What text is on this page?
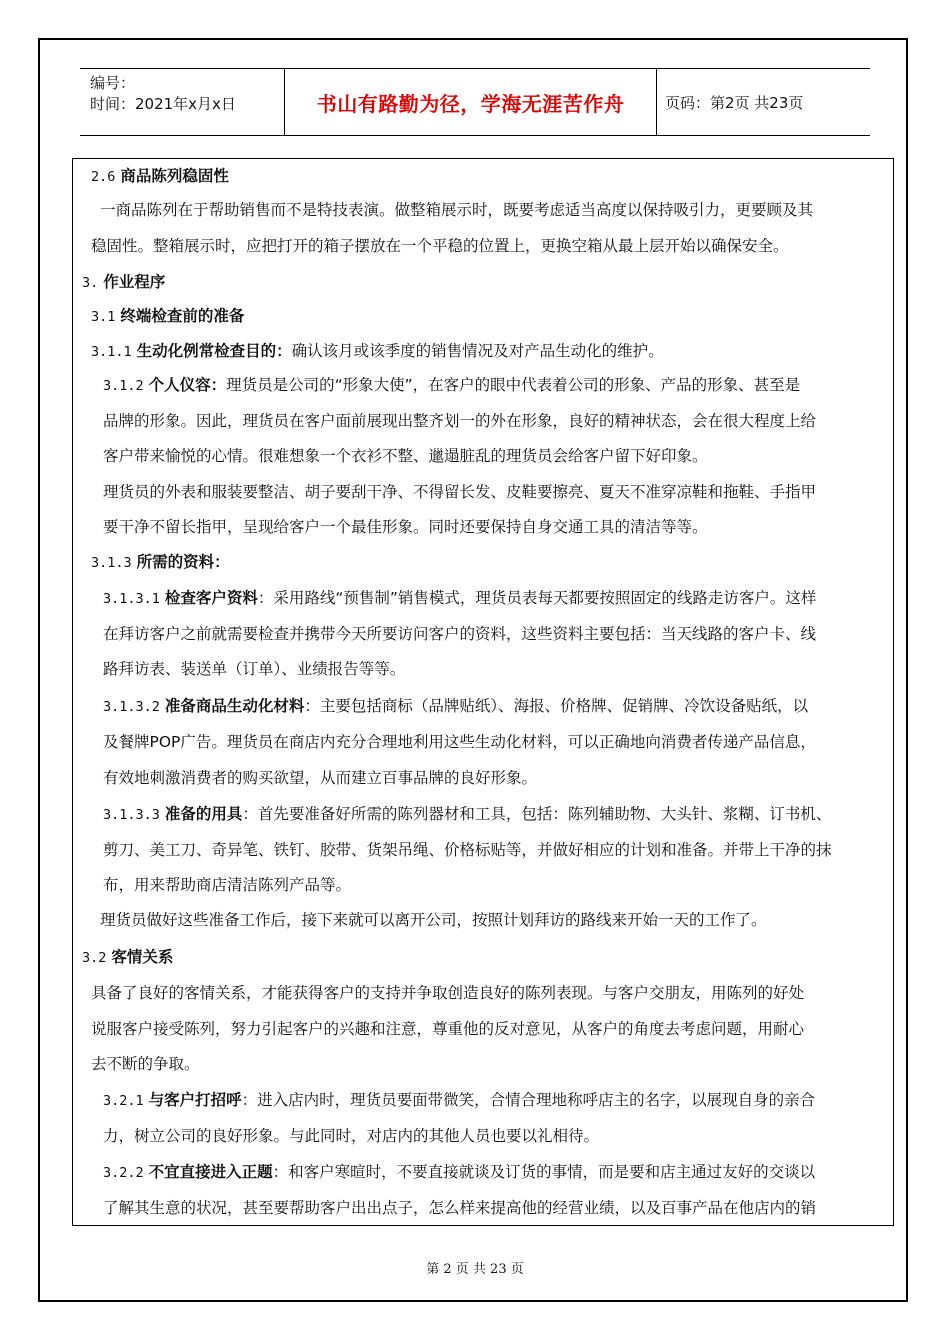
编号：
时间：2021年x月x日	书山有路勤为径，学海无涯苦作舟	页码：第2页 共23页
2.6 商品陈列稳固性
一商品陈列在于帮助销售而不是特技表演。做整箱展示时，既要考虑适当高度以保持吸引力，更要顾及其
稳固性。整箱展示时，应把打开的箱子摆放在一个平稳的位置上，更换空箱从最上层开始以确保安全。
3. 作业程序
3.1 终端检查前的准备
3.1.1 生动化例常检查目的：确认该月或该季度的销售情况及对产品生动化的维护。
3.1.2 个人仪容：理货员是公司的“形象大使”，在客户的眼中代表着公司的形象、产品的形象、甚至是
品牌的形象。因此，理货员在客户面前展现出整齐划一的外在形象，良好的精神状态，会在很大程度上给
客户带来愉悦的心情。很难想象一个衣衫不整、邋遢脏乱的理货员会给客户留下好印象。
理货员的外表和服装要整洁、胡子要刮干净、不得留长发、皮鞋要擦亮、夏天不准穿凉鞋和拖鞋、手指甲
要干净不留长指甲，呈现给客户一个最佳形象。同时还要保持自身交通工具的清洁等等。
3.1.3 所需的资料：
3.1.3.1 检查客户资料：采用路线“预售制”销售模式，理货员表每天都要按照固定的线路走访客户。这样
在拜访客户之前就需要检查并携带今天所要访问客户的资料，这些资料主要包括：当天线路的客户卡、线
路拜访表、装送单（订单）、业绩报告等等。
3.1.3.2 准备商品生动化材料：主要包括商标（品牌贴纸）、海报、价格牌、促销牌、冷饮设备贴纸，以
及餐牌POP广告。理货员在商店内充分合理地利用这些生动化材料，可以正确地向消费者传递产品信息，
有效地刺激消费者的购买欲望，从而建立百事品牌的良好形象。
3.1.3.3 准备的用具：首先要准备好所需的陈列器材和工具，包括：陈列辅助物、大头针、浆糊、订书机、
剪刀、美工刀、奇异笔、铁钉、胶带、货架吊绳、价格标贴等，并做好相应的计划和准备。并带上干净的抹
布，用来帮助商店清洁陈列产品等。
理货员做好这些准备工作后，接下来就可以离开公司，按照计划拜访的路线来开始一天的工作了。
3.2 客情关系
具备了良好的客情关系，才能获得客户的支持并争取创造良好的陈列表现。与客户交朋友，用陈列的好处
说服客户接受陈列，努力引起客户的兴趣和注意，尊重他的反对意见，从客户的角度去考虑问题，用耐心
去不断的争取。
3.2.1 与客户打招呼：进入店内时，理货员要面带微笑，合情合理地称呼店主的名字，以展现自身的亲合
力，树立公司的良好形象。与此同时，对店内的其他人员也要以礼相待。
3.2.2 不宜直接进入正题：和客户寒暄时，不要直接就谈及订货的事情，而是要和店主通过友好的交谈以
了解其生意的状况，甚至要帮助客户出出点子，怎么样来提高他的经营业绩，以及百事产品在他店内的销
第 2 页 共 23 页
